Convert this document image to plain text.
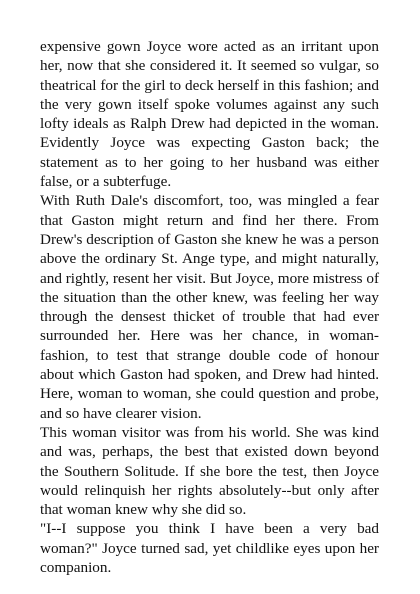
expensive gown Joyce wore acted as an irritant upon her, now that she considered it. It seemed so vulgar, so theatrical for the girl to deck herself in this fashion; and the very gown itself spoke volumes against any such lofty ideals as Ralph Drew had depicted in the woman. Evidently Joyce was expecting Gaston back; the statement as to her going to her husband was either false, or a subterfuge.

With Ruth Dale's discomfort, too, was mingled a fear that Gaston might return and find her there. From Drew's description of Gaston she knew he was a person above the ordinary St. Ange type, and might naturally, and rightly, resent her visit. But Joyce, more mistress of the situation than the other knew, was feeling her way through the densest thicket of trouble that had ever surrounded her. Here was her chance, in woman-fashion, to test that strange double code of honour about which Gaston had spoken, and Drew had hinted. Here, woman to woman, she could question and probe, and so have clearer vision.

This woman visitor was from his world. She was kind and was, perhaps, the best that existed down beyond the Southern Solitude. If she bore the test, then Joyce would relinquish her rights absolutely--but only after that woman knew why she did so.

"I--I suppose you think I have been a very bad woman?" Joyce turned sad, yet childlike eyes upon her companion.
